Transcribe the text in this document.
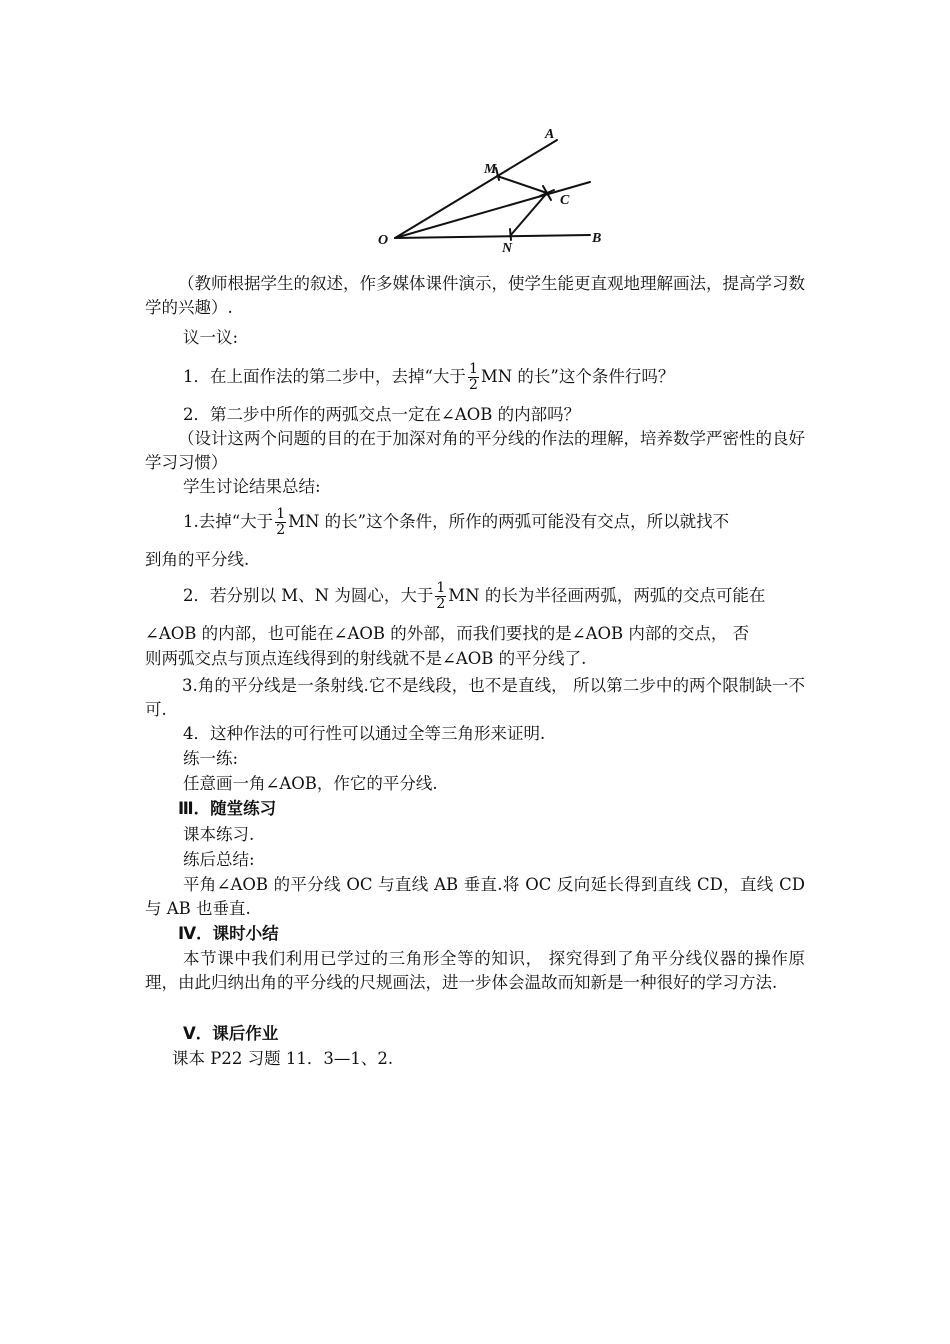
A
M
C
O
N
B
（教师根据学生的叙述，作多媒体课件演示，使学生能更直观地理解画法，提高学习数学的兴趣）.
议一议:
1．在上面作法的第二步中，去掉“大于 $\frac{1}{2}$ MN 的长”这个条件行吗？
2．第二步中所作的两弧交点一定在∠AOB 的内部吗？
（设计这两个问题的目的在于加深对角的平分线的作法的理解，培养数学严密性的良好学习习惯）
学生讨论结果总结:
1.去掉“大于 $\frac{1}{2}$ MN 的长”这个条件，所作的两弧可能没有交点，所以就找不
到角的平分线.
2．若分别以 M、N 为圆心，大于 $\frac{1}{2}$ MN 的长为半径画两弧，两弧的交点可能在
∠AOB 的内部，也可能在∠AOB 的外部，而我们要找的是∠AOB 内部的交点， 否
则两弧交点与顶点连线得到的射线就不是∠AOB 的平分线了.
3.角的平分线是一条射线.它不是线段，也不是直线， 所以第二步中的两个限制缺一不可.
4．这种作法的可行性可以通过全等三角形来证明.
练一练:
任意画一角∠AOB，作它的平分线.
Ⅲ．随堂练习
课本练习.
练后总结:
平角∠AOB 的平分线 OC 与直线 AB 垂直.将 OC 反向延长得到直线 CD，直线 CD 与 AB 也垂直.
Ⅳ．课时小结
本节课中我们利用已学过的三角形全等的知识， 探究得到了角平分线仪器的操作原理，由此归纳出角的平分线的尺规画法，进一步体会温故而知新是一种很好的学习方法.
Ⅴ．课后作业
课本 P22 习题 11．3—1、2.
